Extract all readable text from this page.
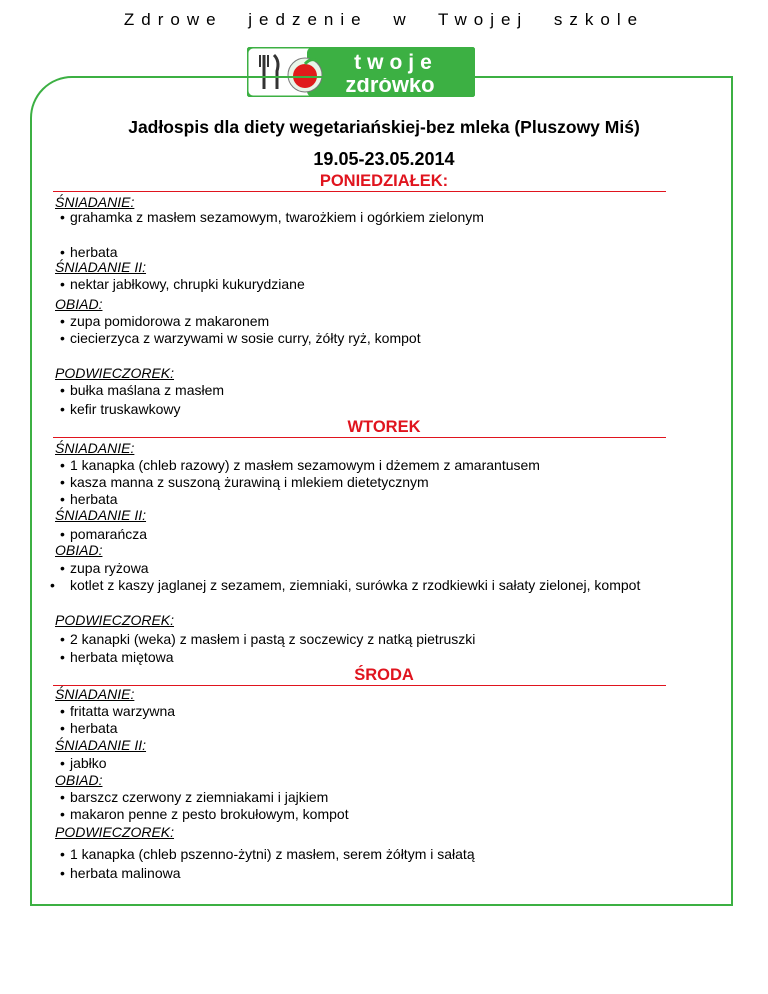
Zdrowe jedzenie w Twojej szkole
twoje
zdrówko
Jadłospis dla diety wegetariańskiej-bez mleka (Pluszowy Miś)
19.05-23.05.2014
PONIEDZIAŁEK:
ŚNIADANIE:
• grahamka z masłem sezamowym, twarożkiem i ogórkiem zielonym
• herbata
ŚNIADANIE II:
• nektar jabłkowy, chrupki kukurydziane
OBIAD:
• zupa pomidorowa z makaronem
• ciecierzyca z warzywami w sosie curry, żółty ryż, kompot
PODWIECZOREK:
• bułka maślana z masłem
• kefir truskawkowy
WTOREK
ŚNIADANIE:
• 1 kanapka (chleb razowy) z masłem sezamowym i dżemem z amarantusem
• kasza manna z suszoną żurawiną i mlekiem dietetycznym
• herbata
ŚNIADANIE II:
• pomarańcza
OBIAD:
• zupa ryżowa
• kotlet z kaszy jaglanej z sezamem, ziemniaki, surówka z rzodkiewki i sałaty zielonej, kompot
PODWIECZOREK:
• 2 kanapki (weka) z masłem i pastą z soczewicy z natką pietruszki
• herbata miętowa
ŚRODA
ŚNIADANIE:
• fritatta warzywna
• herbata
ŚNIADANIE II:
• jabłko
OBIAD:
• barszcz czerwony z ziemniakami i jajkiem
• makaron penne z pesto brokułowym, kompot
PODWIECZOREK:
• 1 kanapka (chleb pszenno-żytni) z masłem, serem żółtym i sałatą
• herbata malinowa
